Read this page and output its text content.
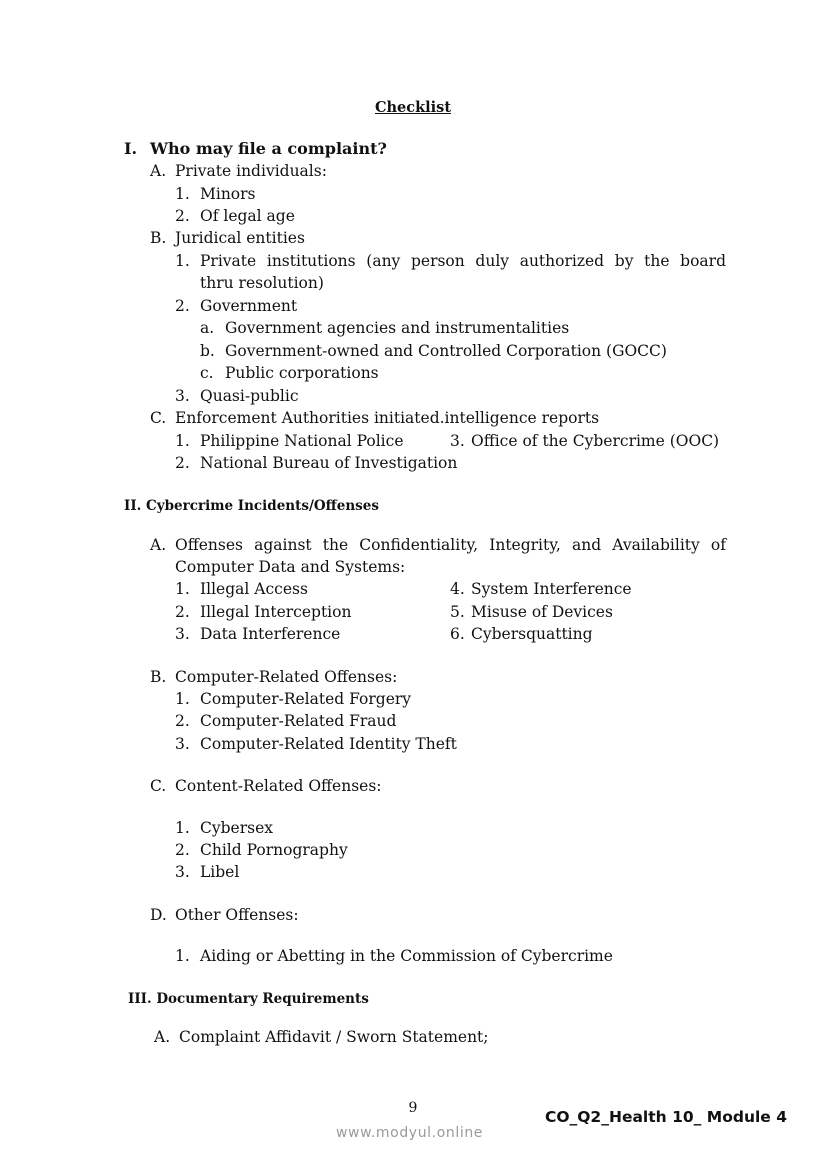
Checklist
I. Who may file a complaint?
A. Private individuals:
1. Minors
2. Of legal age
B. Juridical entities
1. Private institutions (any person duly authorized by the board
thru resolution)
2. Government
a. Government agencies and instrumentalities
b. Government-owned and Controlled Corporation (GOCC)
c. Public corporations
3. Quasi-public
C. Enforcement Authorities initiated.intelligence reports
1. Philippine National Police	3. Office of the Cybercrime (OOC)
2. National Bureau of Investigation
II. Cybercrime Incidents/Offenses
A. Offenses against the Confidentiality, Integrity, and Availability of
Computer Data and Systems:
1. Illegal Access
2. Illegal Interception
3. Data Interference
4. System Interference
5. Misuse of Devices
6. Cybersquatting
B. Computer-Related Offenses:
1. Computer-Related Forgery
2. Computer-Related Fraud
3. Computer-Related Identity Theft
C. Content-Related Offenses:
1. Cybersex
2. Child Pornography
3. Libel
D. Other Offenses:
1. Aiding or Abetting in the Commission of Cybercrime
III. Documentary Requirements
A. Complaint Affidavit / Sworn Statement;
9	CO_Q2_Health 10_ Module 4
www.modyul.online
